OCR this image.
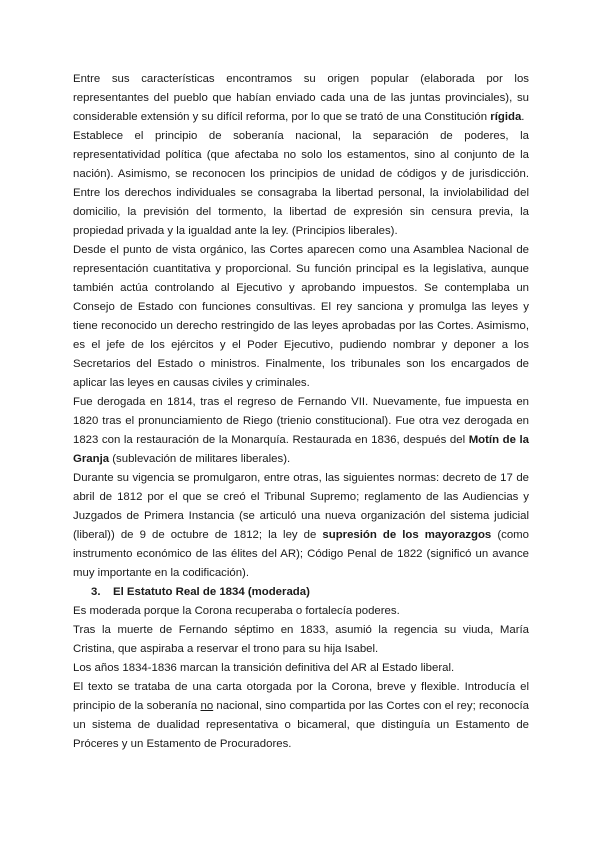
Entre sus características encontramos su origen popular (elaborada por los representantes del pueblo que habían enviado cada una de las juntas provinciales), su considerable extensión y su difícil reforma, por lo que se trató de una Constitución rígida.

Establece el principio de soberanía nacional, la separación de poderes, la representatividad política (que afectaba no solo los estamentos, sino al conjunto de la nación). Asimismo, se reconocen los principios de unidad de códigos y de jurisdicción. Entre los derechos individuales se consagraba la libertad personal, la inviolabilidad del domicilio, la previsión del tormento, la libertad de expresión sin censura previa, la propiedad privada y la igualdad ante la ley. (Principios liberales).

Desde el punto de vista orgánico, las Cortes aparecen como una Asamblea Nacional de representación cuantitativa y proporcional. Su función principal es la legislativa, aunque también actúa controlando al Ejecutivo y aprobando impuestos. Se contemplaba un Consejo de Estado con funciones consultivas. El rey sanciona y promulga las leyes y tiene reconocido un derecho restringido de las leyes aprobadas por las Cortes. Asimismo, es el jefe de los ejércitos y el Poder Ejecutivo, pudiendo nombrar y deponer a los Secretarios del Estado o ministros. Finalmente, los tribunales son los encargados de aplicar las leyes en causas civiles y criminales.

Fue derogada en 1814, tras el regreso de Fernando VII. Nuevamente, fue impuesta en 1820 tras el pronunciamiento de Riego (trienio constitucional). Fue otra vez derogada en 1823 con la restauración de la Monarquía. Restaurada en 1836, después del Motín de la Granja (sublevación de militares liberales).

Durante su vigencia se promulgaron, entre otras, las siguientes normas: decreto de 17 de abril de 1812 por el que se creó el Tribunal Supremo; reglamento de las Audiencias y Juzgados de Primera Instancia (se articuló una nueva organización del sistema judicial (liberal)) de 9 de octubre de 1812; la ley de supresión de los mayorazgos (como instrumento económico de las élites del AR); Código Penal de 1822 (significó un avance muy importante en la codificación).

3. El Estatuto Real de 1834 (moderada)

Es moderada porque la Corona recuperaba o fortalecía poderes.

Tras la muerte de Fernando séptimo en 1833, asumió la regencia su viuda, María Cristina, que aspiraba a reservar el trono para su hija Isabel.

Los años 1834-1836 marcan la transición definitiva del AR al Estado liberal.

El texto se trataba de una carta otorgada por la Corona, breve y flexible. Introducía el principio de la soberanía no nacional, sino compartida por las Cortes con el rey; reconocía un sistema de dualidad representativa o bicameral, que distinguía un Estamento de Próceres y un Estamento de Procuradores.
